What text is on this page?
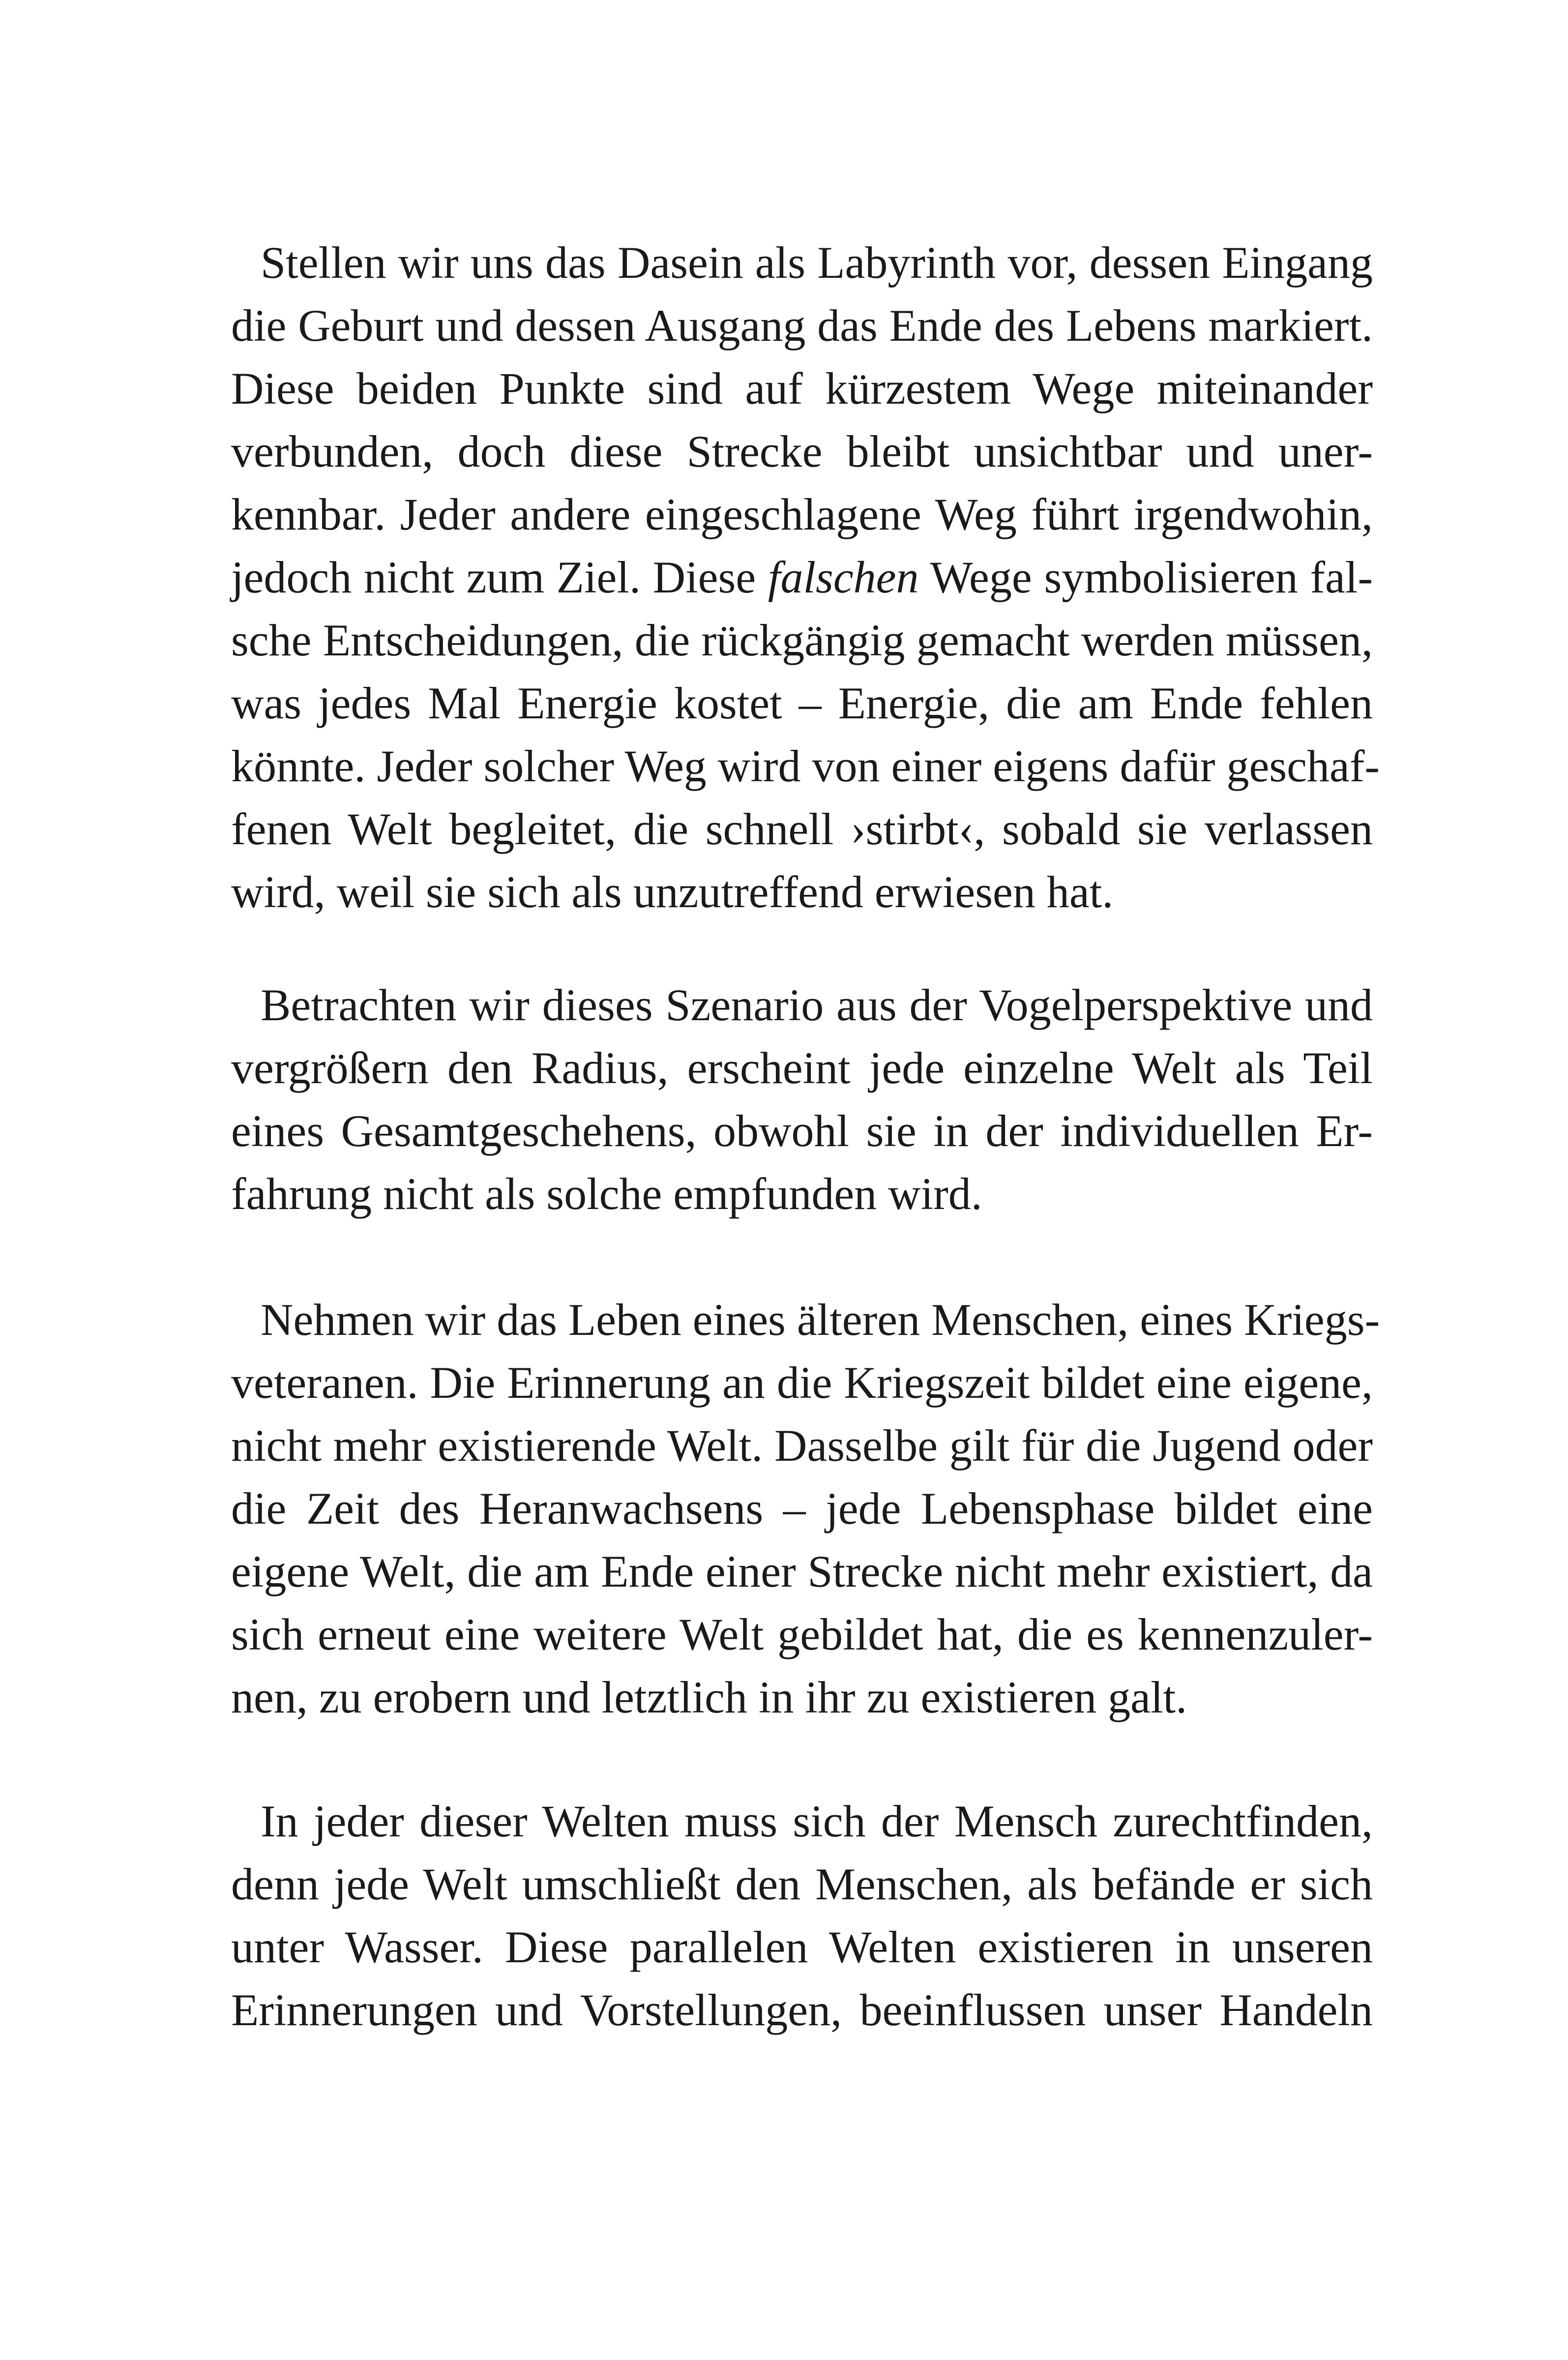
Stellen wir uns das Dasein als Labyrinth vor, dessen Eingang
die Geburt und dessen Ausgang das Ende des Lebens markiert.
Diese beiden Punkte sind auf kürzestem Wege miteinander
verbunden, doch diese Strecke bleibt unsichtbar und uner-
kennbar. Jeder andere eingeschlagene Weg führt irgendwohin,
jedoch nicht zum Ziel. Diese falschen Wege symbolisieren fal-
sche Entscheidungen, die rückgängig gemacht werden müssen,
was jedes Mal Energie kostet – Energie, die am Ende fehlen
könnte. Jeder solcher Weg wird von einer eigens dafür geschaf-
fenen Welt begleitet, die schnell ›stirbt‹, sobald sie verlassen
wird, weil sie sich als unzutreffend erwiesen hat.
Betrachten wir dieses Szenario aus der Vogelperspektive und
vergrößern den Radius, erscheint jede einzelne Welt als Teil
eines Gesamtgeschehens, obwohl sie in der individuellen Er-
fahrung nicht als solche empfunden wird.
Nehmen wir das Leben eines älteren Menschen, eines Kriegs-
veteranen. Die Erinnerung an die Kriegszeit bildet eine eigene,
nicht mehr existierende Welt. Dasselbe gilt für die Jugend oder
die Zeit des Heranwachsens – jede Lebensphase bildet eine
eigene Welt, die am Ende einer Strecke nicht mehr existiert, da
sich erneut eine weitere Welt gebildet hat, die es kennenzuler-
nen, zu erobern und letztlich in ihr zu existieren galt.
In jeder dieser Welten muss sich der Mensch zurechtfinden,
denn jede Welt umschließt den Menschen, als befände er sich
unter Wasser. Diese parallelen Welten existieren in unseren
Erinnerungen und Vorstellungen, beeinflussen unser Handeln
